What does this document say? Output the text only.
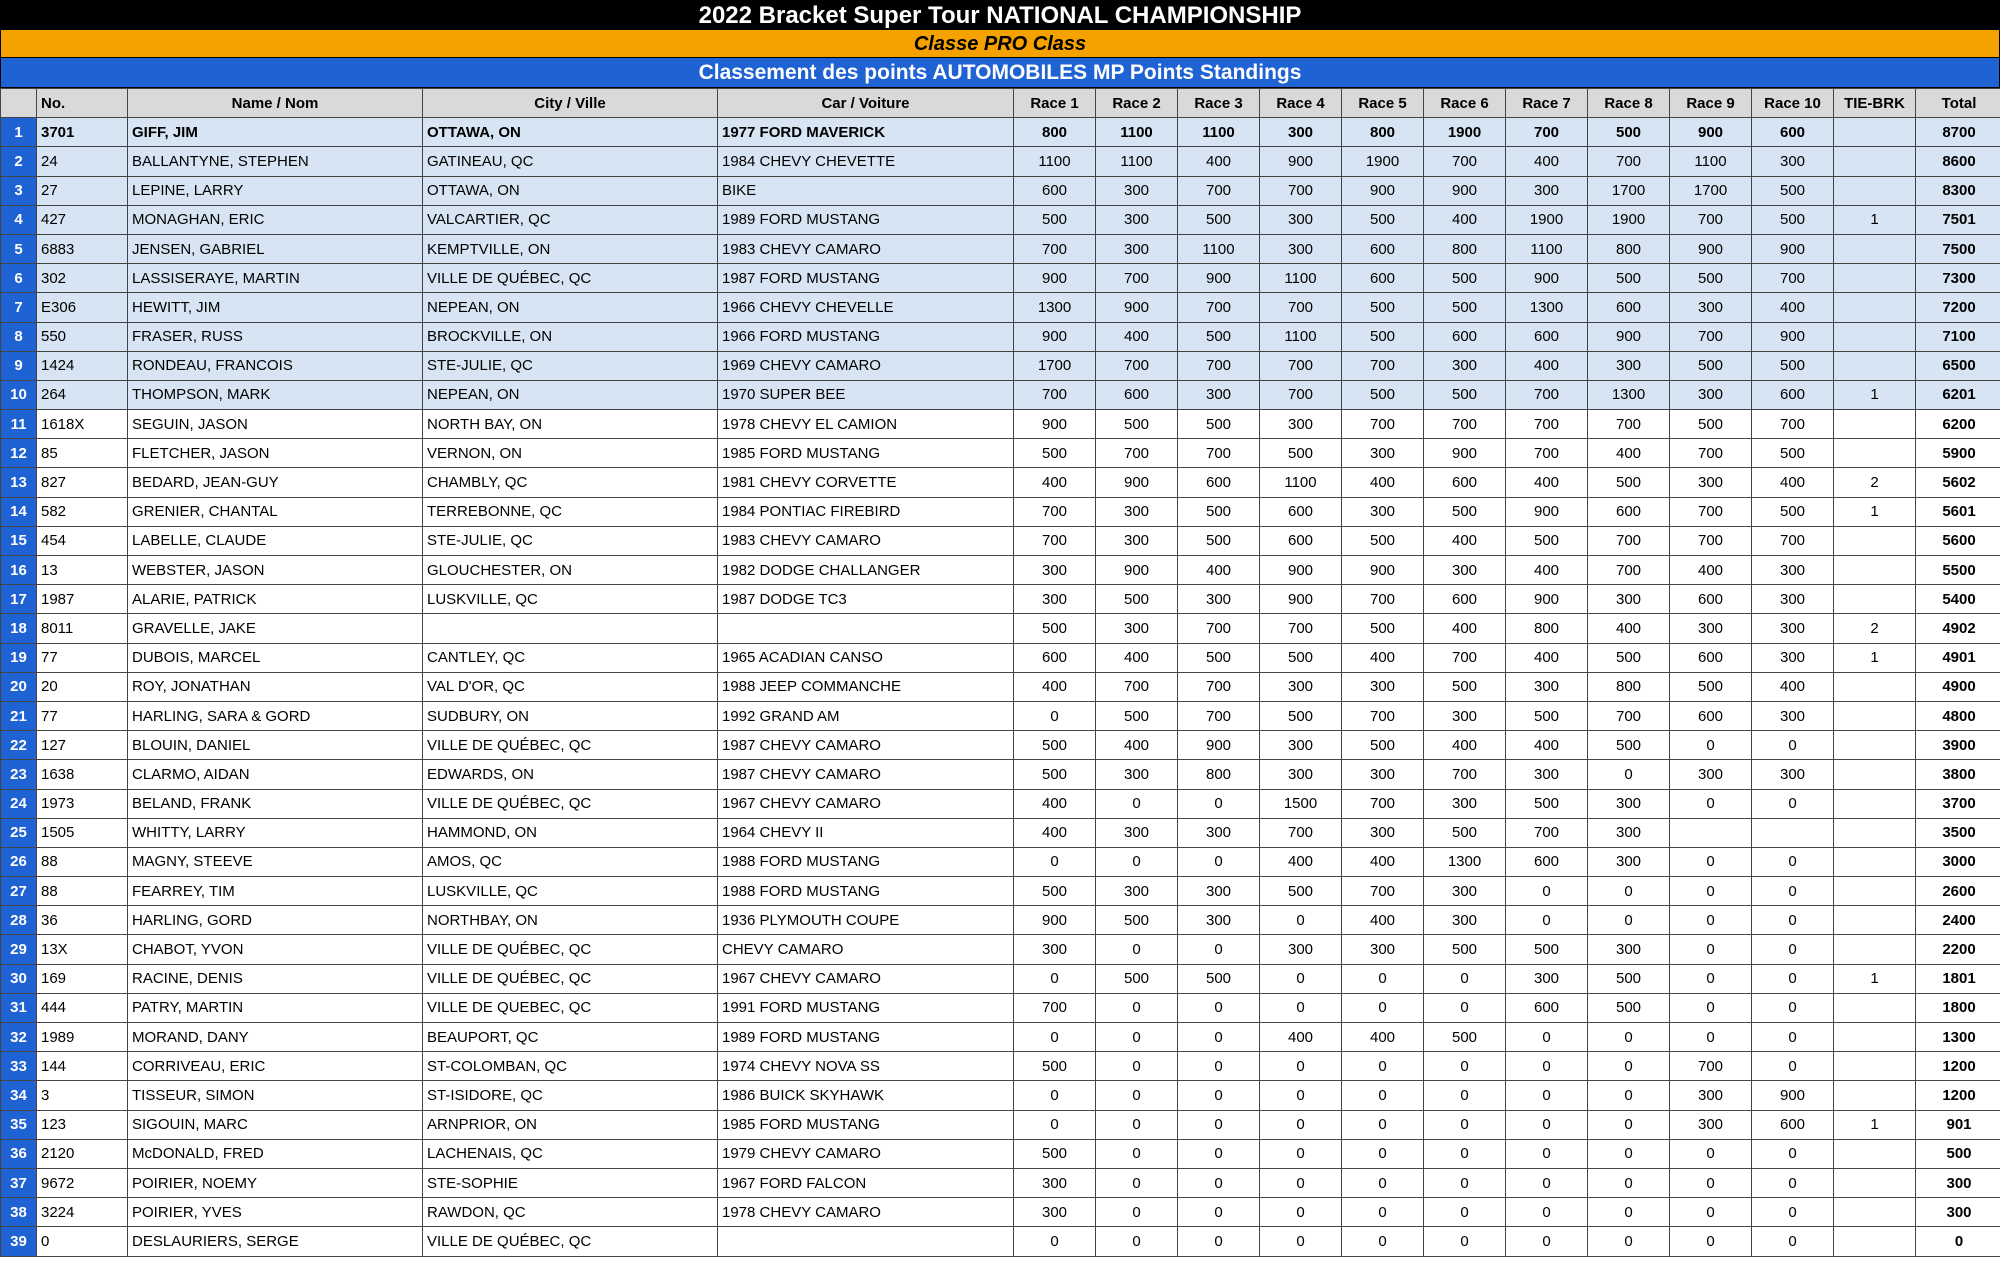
2022 Bracket Super Tour NATIONAL CHAMPIONSHIP
Classe PRO Class
Classement des points AUTOMOBILES MP Points Standings
	No.	Name / Nom	City / Ville	Car / Voiture	Race 1	Race 2	Race 3	Race 4	Race 5	Race 6	Race 7	Race 8	Race 9	Race 10	TIE-BRK	Total
1	3701	GIFF, JIM	OTTAWA, ON	1977 FORD MAVERICK	800	1100	1100	300	800	1900	700	500	900	600		8700
2	24	BALLANTYNE, STEPHEN	GATINEAU, QC	1984 CHEVY CHEVETTE	1100	1100	400	900	1900	700	400	700	1100	300		8600
3	27	LEPINE, LARRY	OTTAWA, ON	BIKE	600	300	700	700	900	900	300	1700	1700	500		8300
4	427	MONAGHAN, ERIC	VALCARTIER, QC	1989 FORD MUSTANG	500	300	500	300	500	400	1900	1900	700	500	1	7501
5	6883	JENSEN, GABRIEL	KEMPTVILLE, ON	1983 CHEVY CAMARO	700	300	1100	300	600	800	1100	800	900	900		7500
6	302	LASSISERAYE, MARTIN	VILLE DE QUÉBEC, QC	1987 FORD MUSTANG	900	700	900	1100	600	500	900	500	500	700		7300
7	E306	HEWITT, JIM	NEPEAN, ON	1966 CHEVY CHEVELLE	1300	900	700	700	500	500	1300	600	300	400		7200
8	550	FRASER, RUSS	BROCKVILLE, ON	1966 FORD MUSTANG	900	400	500	1100	500	600	600	900	700	900		7100
9	1424	RONDEAU, FRANCOIS	STE-JULIE, QC	1969 CHEVY CAMARO	1700	700	700	700	700	300	400	300	500	500		6500
10	264	THOMPSON, MARK	NEPEAN, ON	1970 SUPER BEE	700	600	300	700	500	500	700	1300	300	600	1	6201
11	1618X	SEGUIN, JASON	NORTH BAY, ON	1978 CHEVY EL CAMION	900	500	500	300	700	700	700	700	500	700		6200
12	85	FLETCHER, JASON	VERNON, ON	1985 FORD MUSTANG	500	700	700	500	300	900	700	400	700	500		5900
13	827	BEDARD, JEAN-GUY	CHAMBLY, QC	1981 CHEVY CORVETTE	400	900	600	1100	400	600	400	500	300	400	2	5602
14	582	GRENIER, CHANTAL	TERREBONNE, QC	1984 PONTIAC FIREBIRD	700	300	500	600	300	500	900	600	700	500	1	5601
15	454	LABELLE, CLAUDE	STE-JULIE, QC	1983 CHEVY CAMARO	700	300	500	600	500	400	500	700	700	700		5600
16	13	WEBSTER, JASON	GLOUCHESTER, ON	1982 DODGE CHALLANGER	300	900	400	900	900	300	400	700	400	300		5500
17	1987	ALARIE, PATRICK	LUSKVILLE, QC	1987 DODGE TC3	300	500	300	900	700	600	900	300	600	300		5400
18	8011	GRAVELLE, JAKE			500	300	700	700	500	400	800	400	300	300	2	4902
19	77	DUBOIS, MARCEL	CANTLEY, QC	1965 ACADIAN CANSO	600	400	500	500	400	700	400	500	600	300	1	4901
20	20	ROY, JONATHAN	VAL D'OR, QC	1988 JEEP COMMANCHE	400	700	700	300	300	500	300	800	500	400		4900
21	77	HARLING, SARA & GORD	SUDBURY, ON	1992 GRAND AM	0	500	700	500	700	300	500	700	600	300		4800
22	127	BLOUIN, DANIEL	VILLE DE QUÉBEC, QC	1987 CHEVY CAMARO	500	400	900	300	500	400	400	500	0	0		3900
23	1638	CLARMO, AIDAN	EDWARDS, ON	1987 CHEVY CAMARO	500	300	800	300	300	700	300	0	300	300		3800
24	1973	BELAND, FRANK	VILLE DE QUÉBEC, QC	1967 CHEVY CAMARO	400	0	0	1500	700	300	500	300	0	0		3700
25	1505	WHITTY, LARRY	HAMMOND, ON	1964 CHEVY II	400	300	300	700	300	500	700	300				3500
26	88	MAGNY, STEEVE	AMOS, QC	1988 FORD MUSTANG	0	0	0	400	400	1300	600	300	0	0		3000
27	88	FEARREY, TIM	LUSKVILLE, QC	1988 FORD MUSTANG	500	300	300	500	700	300	0	0	0	0		2600
28	36	HARLING, GORD	NORTHBAY, ON	1936 PLYMOUTH COUPE	900	500	300	0	400	300	0	0	0	0		2400
29	13X	CHABOT, YVON	VILLE DE QUÉBEC, QC	CHEVY CAMARO	300	0	0	300	300	500	500	300	0	0		2200
30	169	RACINE, DENIS	VILLE DE QUÉBEC, QC	1967 CHEVY CAMARO	0	500	500	0	0	0	300	500	0	0	1	1801
31	444	PATRY, MARTIN	VILLE DE QUEBEC, QC	1991 FORD MUSTANG	700	0	0	0	0	0	600	500	0	0		1800
32	1989	MORAND, DANY	BEAUPORT, QC	1989 FORD MUSTANG	0	0	0	400	400	500	0	0	0	0		1300
33	144	CORRIVEAU, ERIC	ST-COLOMBAN, QC	1974 CHEVY NOVA SS	500	0	0	0	0	0	0	0	700	0		1200
34	3	TISSEUR, SIMON	ST-ISIDORE, QC	1986 BUICK SKYHAWK	0	0	0	0	0	0	0	0	300	900		1200
35	123	SIGOUIN, MARC	ARNPRIOR, ON	1985 FORD MUSTANG	0	0	0	0	0	0	0	0	300	600	1	901
36	2120	McDONALD, FRED	LACHENAIS, QC	1979 CHEVY CAMARO	500	0	0	0	0	0	0	0	0	0		500
37	9672	POIRIER, NOEMY	STE-SOPHIE	1967 FORD FALCON	300	0	0	0	0	0	0	0	0	0		300
38	3224	POIRIER, YVES	RAWDON, QC	1978 CHEVY CAMARO	300	0	0	0	0	0	0	0	0	0		300
39	0	DESLAURIERS, SERGE	VILLE DE QUÉBEC, QC		0	0	0	0	0	0	0	0	0	0		0
